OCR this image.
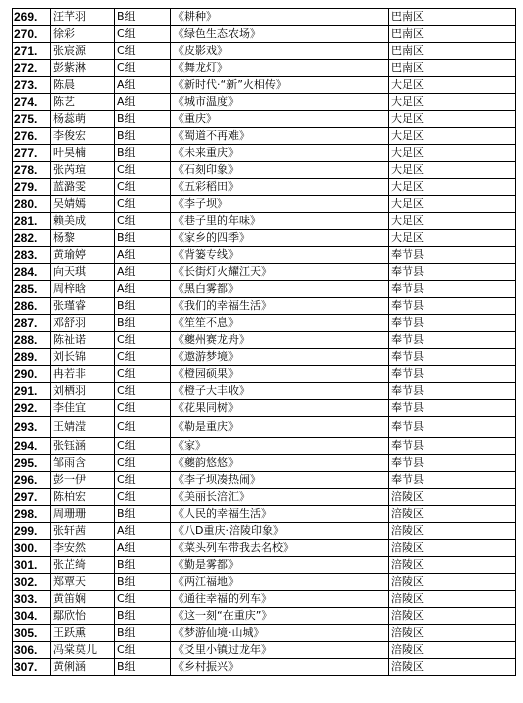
269.	汪芊羽	B组	《耕种》	巴南区
270.	徐彩	C组	《绿色生态农场》	巴南区
271.	张宸源	C组	《皮影戏》	巴南区
272.	彭紫淋	C组	《舞龙灯》	巴南区
273.	陈晨	A组	《新时代·“新”火相传》	大足区
274.	陈艺	A组	《城市温度》	大足区
275.	杨蕊萌	B组	《重庆》	大足区
276.	李俊宏	B组	《蜀道不再难》	大足区
277.	叶昊楠	B组	《未来重庆》	大足区
278.	张芮瑄	C组	《石刻印象》	大足区
279.	蓝潞雯	C组	《五彩稻田》	大足区
280.	吴婧嫣	C组	《李子坝》	大足区
281.	赖美成	C组	《巷子里的年味》	大足区
282.	杨黎	B组	《家乡的四季》	大足区
283.	黄瑜婷	A组	《背篓专线》	奉节县
284.	向天琪	A组	《长街灯火耀江天》	奉节县
285.	周梓晗	A组	《黑白雾都》	奉节县
286.	张瑾睿	B组	《我们的幸福生活》	奉节县
287.	邓舒羽	B组	《笙笙不息》	奉节县
288.	陈祉诺	C组	《夔州赛龙舟》	奉节县
289.	刘长锦	C组	《遨游梦境》	奉节县
290.	冉若非	C组	《橙园硕果》	奉节县
291.	刘栖羽	C组	《橙子大丰收》	奉节县
292.	李佳宜	C组	《花果同树》	奉节县
293.	王婧滢	C组	《勒是重庆》	奉节县
294.	张钰涵	C组	《家》	奉节县
295.	邹雨含	C组	《夔韵悠悠》	奉节县
296.	彭一伊	C组	《李子坝凑热闹》	奉节县
297.	陈柏宏	C组	《美丽长涪汇》	涪陵区
298.	周珊珊	B组	《人民的幸福生活》	涪陵区
299.	张轩茜	A组	《八D重庆·涪陵印象》	涪陵区
300.	李安然	A组	《菜头列车带我去名校》	涪陵区
301.	张芷绮	B组	《勤是雾都》	涪陵区
302.	郑覃天	B组	《两江福地》	涪陵区
303.	黄笛娴	C组	《通往幸福的列车》	涪陵区
304.	鄢欣怡	B组	《这一刻“在重庆”》	涪陵区
305.	王跃熏	B组	《梦游仙境·山城》	涪陵区
306.	冯棠莫儿	C组	《爻里小镇过龙年》	涪陵区
307.	黄俐涵	B组	《乡村振兴》	涪陵区
